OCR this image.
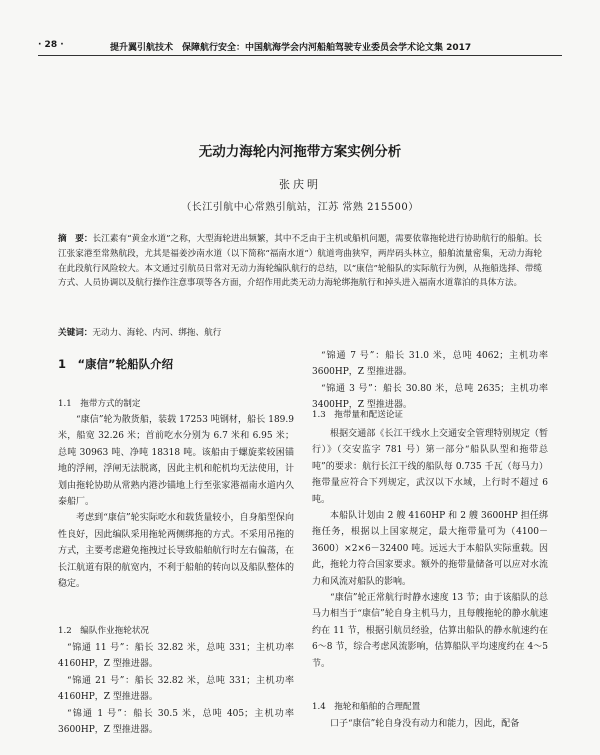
· 28 ·	提升翼引航技术　保障航行安全：中国航海学会内河船舶驾驶专业委员会学术论文集 2017
无动力海轮内河拖带方案实例分析
张庆明
（长江引航中心常熟引航站，江苏 常熟 215500）
摘　要：长江素有“黄金水道”之称，大型海轮进出频繁，其中不乏由于主机或船机问题，需要依靠拖轮进行协助航行的船舶。长江张家港至常熟航段，尤其是福姜沙南水道（以下简称“福南水道”）航道弯曲狭窄，两岸码头林立，船舶流量密集，无动力海轮在此段航行风险较大。本文通过引航员日常对无动力海轮编队航行的总结，以“康信”轮船队的实际航行为例，从拖船选择、带缆方式、人员协调以及航行操作注意事项等各方面，介绍作用此类无动力海轮绑拖航行和掉头进入福南水道靠泊的具体方法。
关键词：无动力、海轮、内河、绑拖、航行
1　“康信”轮船队介绍
1.1　拖带方式的制定

“康信”轮为散货船，装载 17253 吨钢材，船长 189.9 米，船宽 32.26 米；首前吃水分别为 6.7 米和 6.95 米；总吨 30963 吨、净吨 18318 吨。该船由于螺旋桨较困锚地的浮闸，浮闸无法脱离，因此主机和舵机均无法使用，计划由拖轮协助从常熟内港沙锚地上行至张家港福南水道内久泰船厂。

考虑到“康信”轮实际吃水和载货量较小，自身船型保向性良好，因此编队采用拖轮两侧绑拖的方式。不采用吊拖的方式，主要考虑避免拖拽过长导致船舶航行时左右偏荡，在长江航道有限的航宽内，不利于船舶的转向以及船队整体的稳定。

1.2　编队作业拖轮状况

“锦通 11 号”：船长 32.82 米，总吨 331；主机功率 4160HP，Z 型推进器。

“锦通 21 号”：船长 32.82 米，总吨 331；主机功率 4160HP，Z 型推进器。

“锦通 1 号”：船长 30.5 米，总吨 405；主机功率 3600HP，Z 型推进器。

“锦通 7 号”：船长 31.0 米，总吨 4062；主机功率 3600HP，Z 型推进器。

“锦通 3 号”：船长 30.80 米，总吨 2635；主机功率 3400HP，Z 型推进器。

1.3　拖带量和配送论证

根据交通部《长江干线水上交通安全管理特别规定（暂行）》（交安监字 781 号）第一部分“船队队型和拖带总吨”的要求：航行长江干线的船队每 0.735 千瓦（每马力）拖带量应符合下列规定，武汉以下水域，上行时不超过 6 吨。

本船队计划由 2 艘 4160HP 和 2 艘 3600HP 担任绑拖任务，根据以上国家规定，最大拖带量可为（4100－3600）×2×6－32400 吨。远远大于本船队实际重载。因此，拖轮力符合国家要求。额外的拖带量储备可以应对水流力和风流对船队的影响。

“康信”轮正常航行时静水速度 13 节；由于该船队的总马力相当于“康信”轮自身主机马力，且每艘拖轮的静水航速约在 11 节，根据引航员经验，估算出船队的静水航速约在 6～8 节，综合考虑风流影响，估算船队平均速度约在 4～5 节。

1.4　拖轮和船舶的合理配置

口子“康信”轮自身没有动力和能力，因此，配备
